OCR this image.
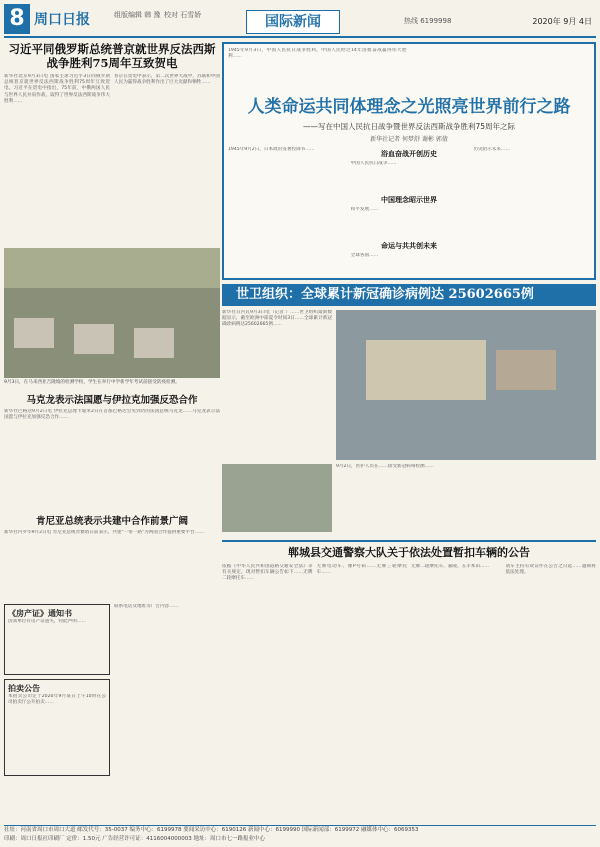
8 周口日报	组版编辑 韩 豫 校对 石雪娇	国际新闻	热线 6199998	2020年 9月 4日
习近平同俄罗斯总统普京就世界反法西斯战争胜利75周年互致贺电
新华社北京9月3日电 国家主席习近平3日同俄罗斯总统普京就世界反法西斯战争胜利75周年互致贺电。习近平在贺电中指出，75年前，中俄两国人民与世界人民并肩作战，取得了世界反法西斯战争伟大胜利……
普京在贺电中表示，第二次世界大战中，苏联和中国人民为赢得战争胜利作出了巨大贡献和牺牲……
9月3日，在马来西亚吉隆坡的检测学校，学生在举行中学新学年考试前接受防疫检测。
马克龙表示法国愿与伊拉克加强反恐合作
新华社巴格达9月2日电 伊拉克总理卡迪米2日在首都巴格达会见到访的法国总统马克龙……马克龙表示法国愿与伊拉克加强反恐合作……
肯尼亚总统表示共建中合作前景广阔
新华社内罗毕9月2日电 肯尼亚总统肯雅塔日前表示，共建"一带一路"为两国合作提供重要平台……
《房产证》通知书
因我单位有房产证遗失，特此声明……
拍卖公告
本拍卖公司定于2020年9月某日上午10时在公司拍卖厅公开拍卖……
联系电话及地址等广告内容……
1945年9月3日，中国人民抗日战争胜利，中国人民经过14年浴血奋战赢得伟大胜利……
人类命运共同体理念之光照亮世界前行之路
——写在中国人民抗日战争暨世界反法西斯战争胜利75周年之际
新华社记者 何梦舒 谢彬 郭倩
1945年9月2日，日本政府签署投降书……	浴血奋战开创历史
中国人民抗日战争……
中国理念昭示世界
和平发展……
命运与共共创未来
全球各国……
历史昭示未来……
世卫组织：全球累计新冠确诊病例达 25602665例
新华社日内瓦9月3日电（记者 ）……世卫组织最新数据显示，截至欧洲中部夏令时间3日……全球累计新冠确诊病例达25602665例……
9月2日，医护人员在……接受新冠病毒检测……
郸城县交通警察大队关于依法处置暂扣车辆的公告
依据《中华人民共和国道路交通安全法》等有关规定，现对暂扣车辆公告如下……无牌二轮摩托车……
无牌电动车、豫P号码……无牌三轮摩托车……
无牌二轮摩托车、嘉陵、五羊本田……	请车主持有效证件在公告之日起……逾期将依法处理。
社址：河南省周口市周口大道 邮发代号：35-0037 编务中心：6199978 要闻采访中心：6190126 新闻中心：6199990 国际新闻部：6199972 融媒体中心：6069353
印刷：周口日报社印刷厂 定价：1.50元 广告经营许可证：4116004000003 地址：周口市七一路报业中心
